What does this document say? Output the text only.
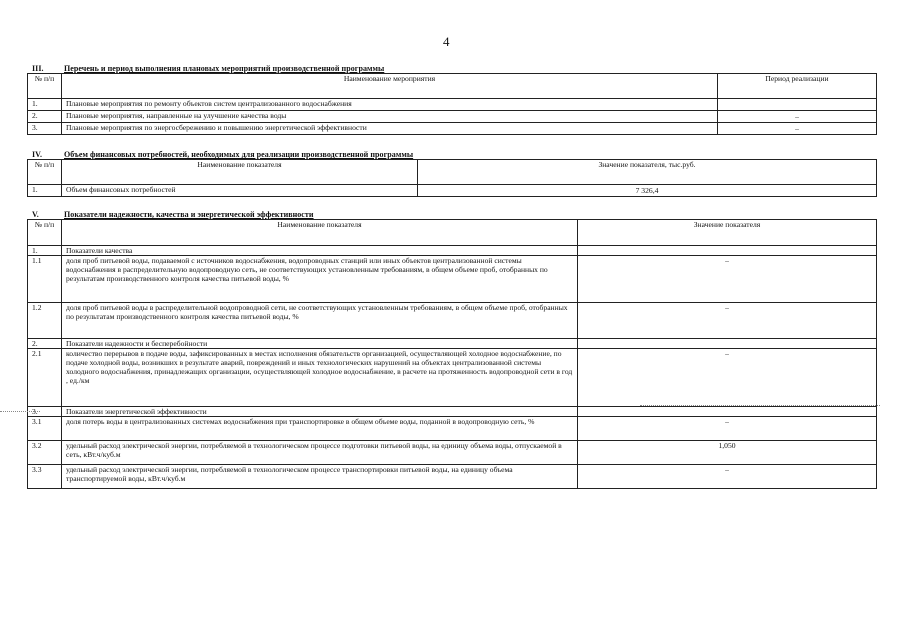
4
III.	Перечень и период выполнения плановых мероприятий производственной программы
№ п/п	Наименование мероприятия	Период реализации
1.	Плановые мероприятия по ремонту объектов систем централизованного водоснабжения	
2.	Плановые мероприятия, направленные на улучшение качества воды	–
3.	Плановые мероприятия по энергосбережению и повышению энергетической эффективности	–
IV.	Объем финансовых потребностей, необходимых для реализации производственной программы
№ п/п	Наименование показателя	Значение показателя, тыс.руб.
1.	Объем финансовых потребностей	7 326,4
V.	Показатели надежности, качества и энергетической эффективности
№ п/п	Наименование показателя	Значение показателя
1.	Показатели качества	
1.1	доля проб питьевой воды, подаваемой с источников водоснабжения, водопроводных станций или иных объектов централизованной системы водоснабжения в распределительную водопроводную сеть, не соответствующих установленным требованиям, в общем объеме проб, отобранных по результатам производственного контроля качества питьевой воды, %	–
1.2	доля проб питьевой воды в распределительной водопроводной сети, не соответствующих установленным требованиям, в общем объеме проб, отобранных по результатам производственного контроля качества питьевой воды, %	–
2.	Показатели надежности и бесперебойности	
2.1	количество перерывов в подаче воды, зафиксированных в местах исполнения обязательств организацией, осуществляющей холодное водоснабжение, по подаче холодной воды, возникших в результате аварий, повреждений и иных технологических нарушений на объектах централизованной системы холодного водоснабжения, принадлежащих организации, осуществляющей холодное водоснабжение, в расчете на протяженность водопроводной сети в год , ед./км	–
3.	Показатели энергетической эффективности	
3.1	доля потерь воды в централизованных системах водоснабжения при транспортировке в общем объеме воды, поданной в водопроводную сеть, %	–
3.2	удельный расход электрической энергии, потребляемой в технологическом процессе подготовки питьевой воды, на единицу объема воды, отпускаемой в сеть, кВт.ч/куб.м	1,050
3.3	удельный расход электрической энергии, потребляемой в технологическом процессе транспортировки питьевой воды, на единицу объема транспортируемой воды, кВт.ч/куб.м	–
